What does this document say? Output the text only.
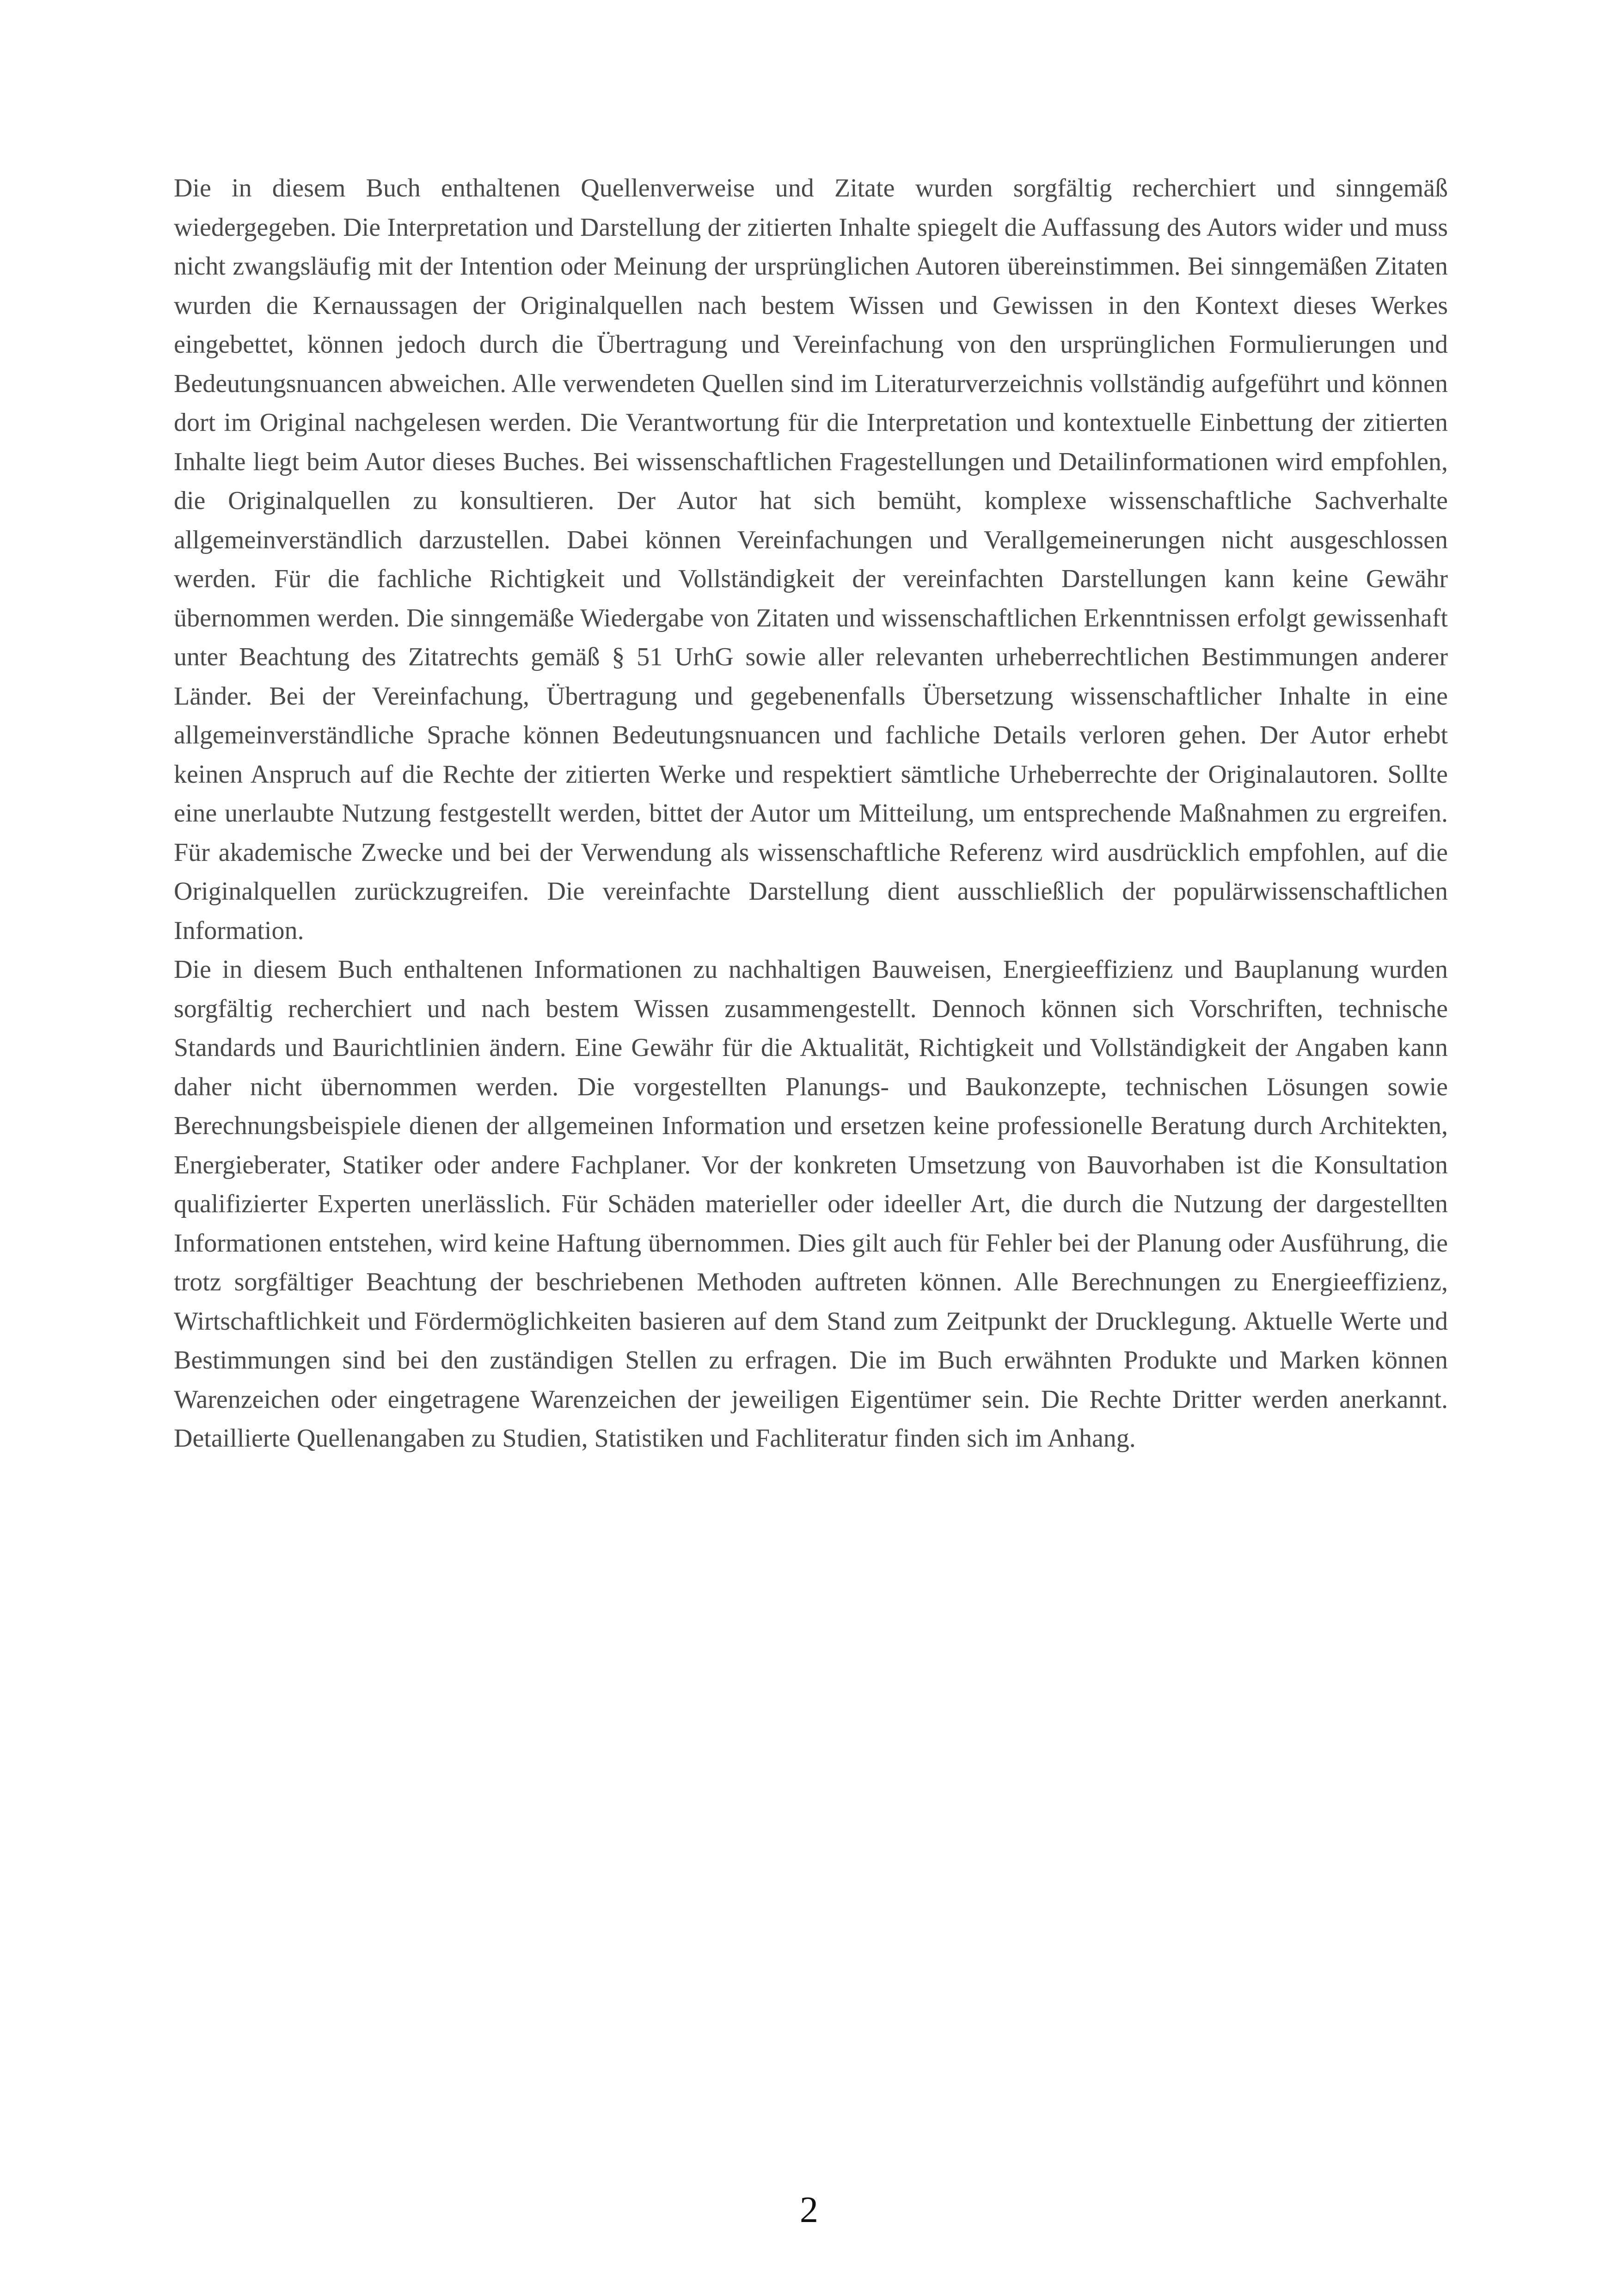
Die in diesem Buch enthaltenen Quellenverweise und Zitate wurden sorgfältig recherchiert und sinngemäß wiedergegeben. Die Interpretation und Darstellung der zitierten Inhalte spiegelt die Auffassung des Autors wider und muss nicht zwangsläufig mit der Intention oder Meinung der ursprünglichen Autoren übereinstimmen. Bei sinngemäßen Zitaten wurden die Kernaussagen der Originalquellen nach bestem Wissen und Gewissen in den Kontext dieses Werkes eingebettet, können jedoch durch die Übertragung und Vereinfachung von den ursprünglichen Formulierungen und Bedeutungsnuancen abweichen. Alle verwendeten Quellen sind im Literaturverzeichnis vollständig aufgeführt und können dort im Original nachgelesen werden. Die Verantwortung für die Interpretation und kontextuelle Einbettung der zitierten Inhalte liegt beim Autor dieses Buches. Bei wissenschaftlichen Fragestellungen und Detailinformationen wird empfohlen, die Originalquellen zu konsultieren. Der Autor hat sich bemüht, komplexe wissenschaftliche Sachverhalte allgemeinverständlich darzustellen. Dabei können Vereinfachungen und Verallgemeinerungen nicht ausgeschlossen werden. Für die fachliche Richtigkeit und Vollständigkeit der vereinfachten Darstellungen kann keine Gewähr übernommen werden. Die sinngemäße Wiedergabe von Zitaten und wissenschaftlichen Erkenntnissen erfolgt gewissenhaft unter Beachtung des Zitatrechts gemäß § 51 UrhG sowie aller relevanten urheberrechtlichen Bestimmungen anderer Länder. Bei der Vereinfachung, Übertragung und gegebenenfalls Übersetzung wissenschaftlicher Inhalte in eine allgemeinverständliche Sprache können Bedeutungsnuancen und fachliche Details verloren gehen. Der Autor erhebt keinen Anspruch auf die Rechte der zitierten Werke und respektiert sämtliche Urheberrechte der Originalautoren. Sollte eine unerlaubte Nutzung festgestellt werden, bittet der Autor um Mitteilung, um entsprechende Maßnahmen zu ergreifen. Für akademische Zwecke und bei der Verwendung als wissenschaftliche Referenz wird ausdrücklich empfohlen, auf die Originalquellen zurückzugreifen. Die vereinfachte Darstellung dient ausschließlich der populärwissenschaftlichen Information.

Die in diesem Buch enthaltenen Informationen zu nachhaltigen Bauweisen, Energieeffizienz und Bauplanung wurden sorgfältig recherchiert und nach bestem Wissen zusammengestellt. Dennoch können sich Vorschriften, technische Standards und Baurichtlinien ändern. Eine Gewähr für die Aktualität, Richtigkeit und Vollständigkeit der Angaben kann daher nicht übernommen werden. Die vorgestellten Planungs- und Baukonzepte, technischen Lösungen sowie Berechnungsbeispiele dienen der allgemeinen Information und ersetzen keine professionelle Beratung durch Architekten, Energieberater, Statiker oder andere Fachplaner. Vor der konkreten Umsetzung von Bauvorhaben ist die Konsultation qualifizierter Experten unerlässlich. Für Schäden materieller oder ideeller Art, die durch die Nutzung der dargestellten Informationen entstehen, wird keine Haftung übernommen. Dies gilt auch für Fehler bei der Planung oder Ausführung, die trotz sorgfältiger Beachtung der beschriebenen Methoden auftreten können. Alle Berechnungen zu Energieeffizienz, Wirtschaftlichkeit und Fördermöglichkeiten basieren auf dem Stand zum Zeitpunkt der Drucklegung. Aktuelle Werte und Bestimmungen sind bei den zuständigen Stellen zu erfragen. Die im Buch erwähnten Produkte und Marken können Warenzeichen oder eingetragene Warenzeichen der jeweiligen Eigentümer sein. Die Rechte Dritter werden anerkannt. Detaillierte Quellenangaben zu Studien, Statistiken und Fachliteratur finden sich im Anhang.

2
